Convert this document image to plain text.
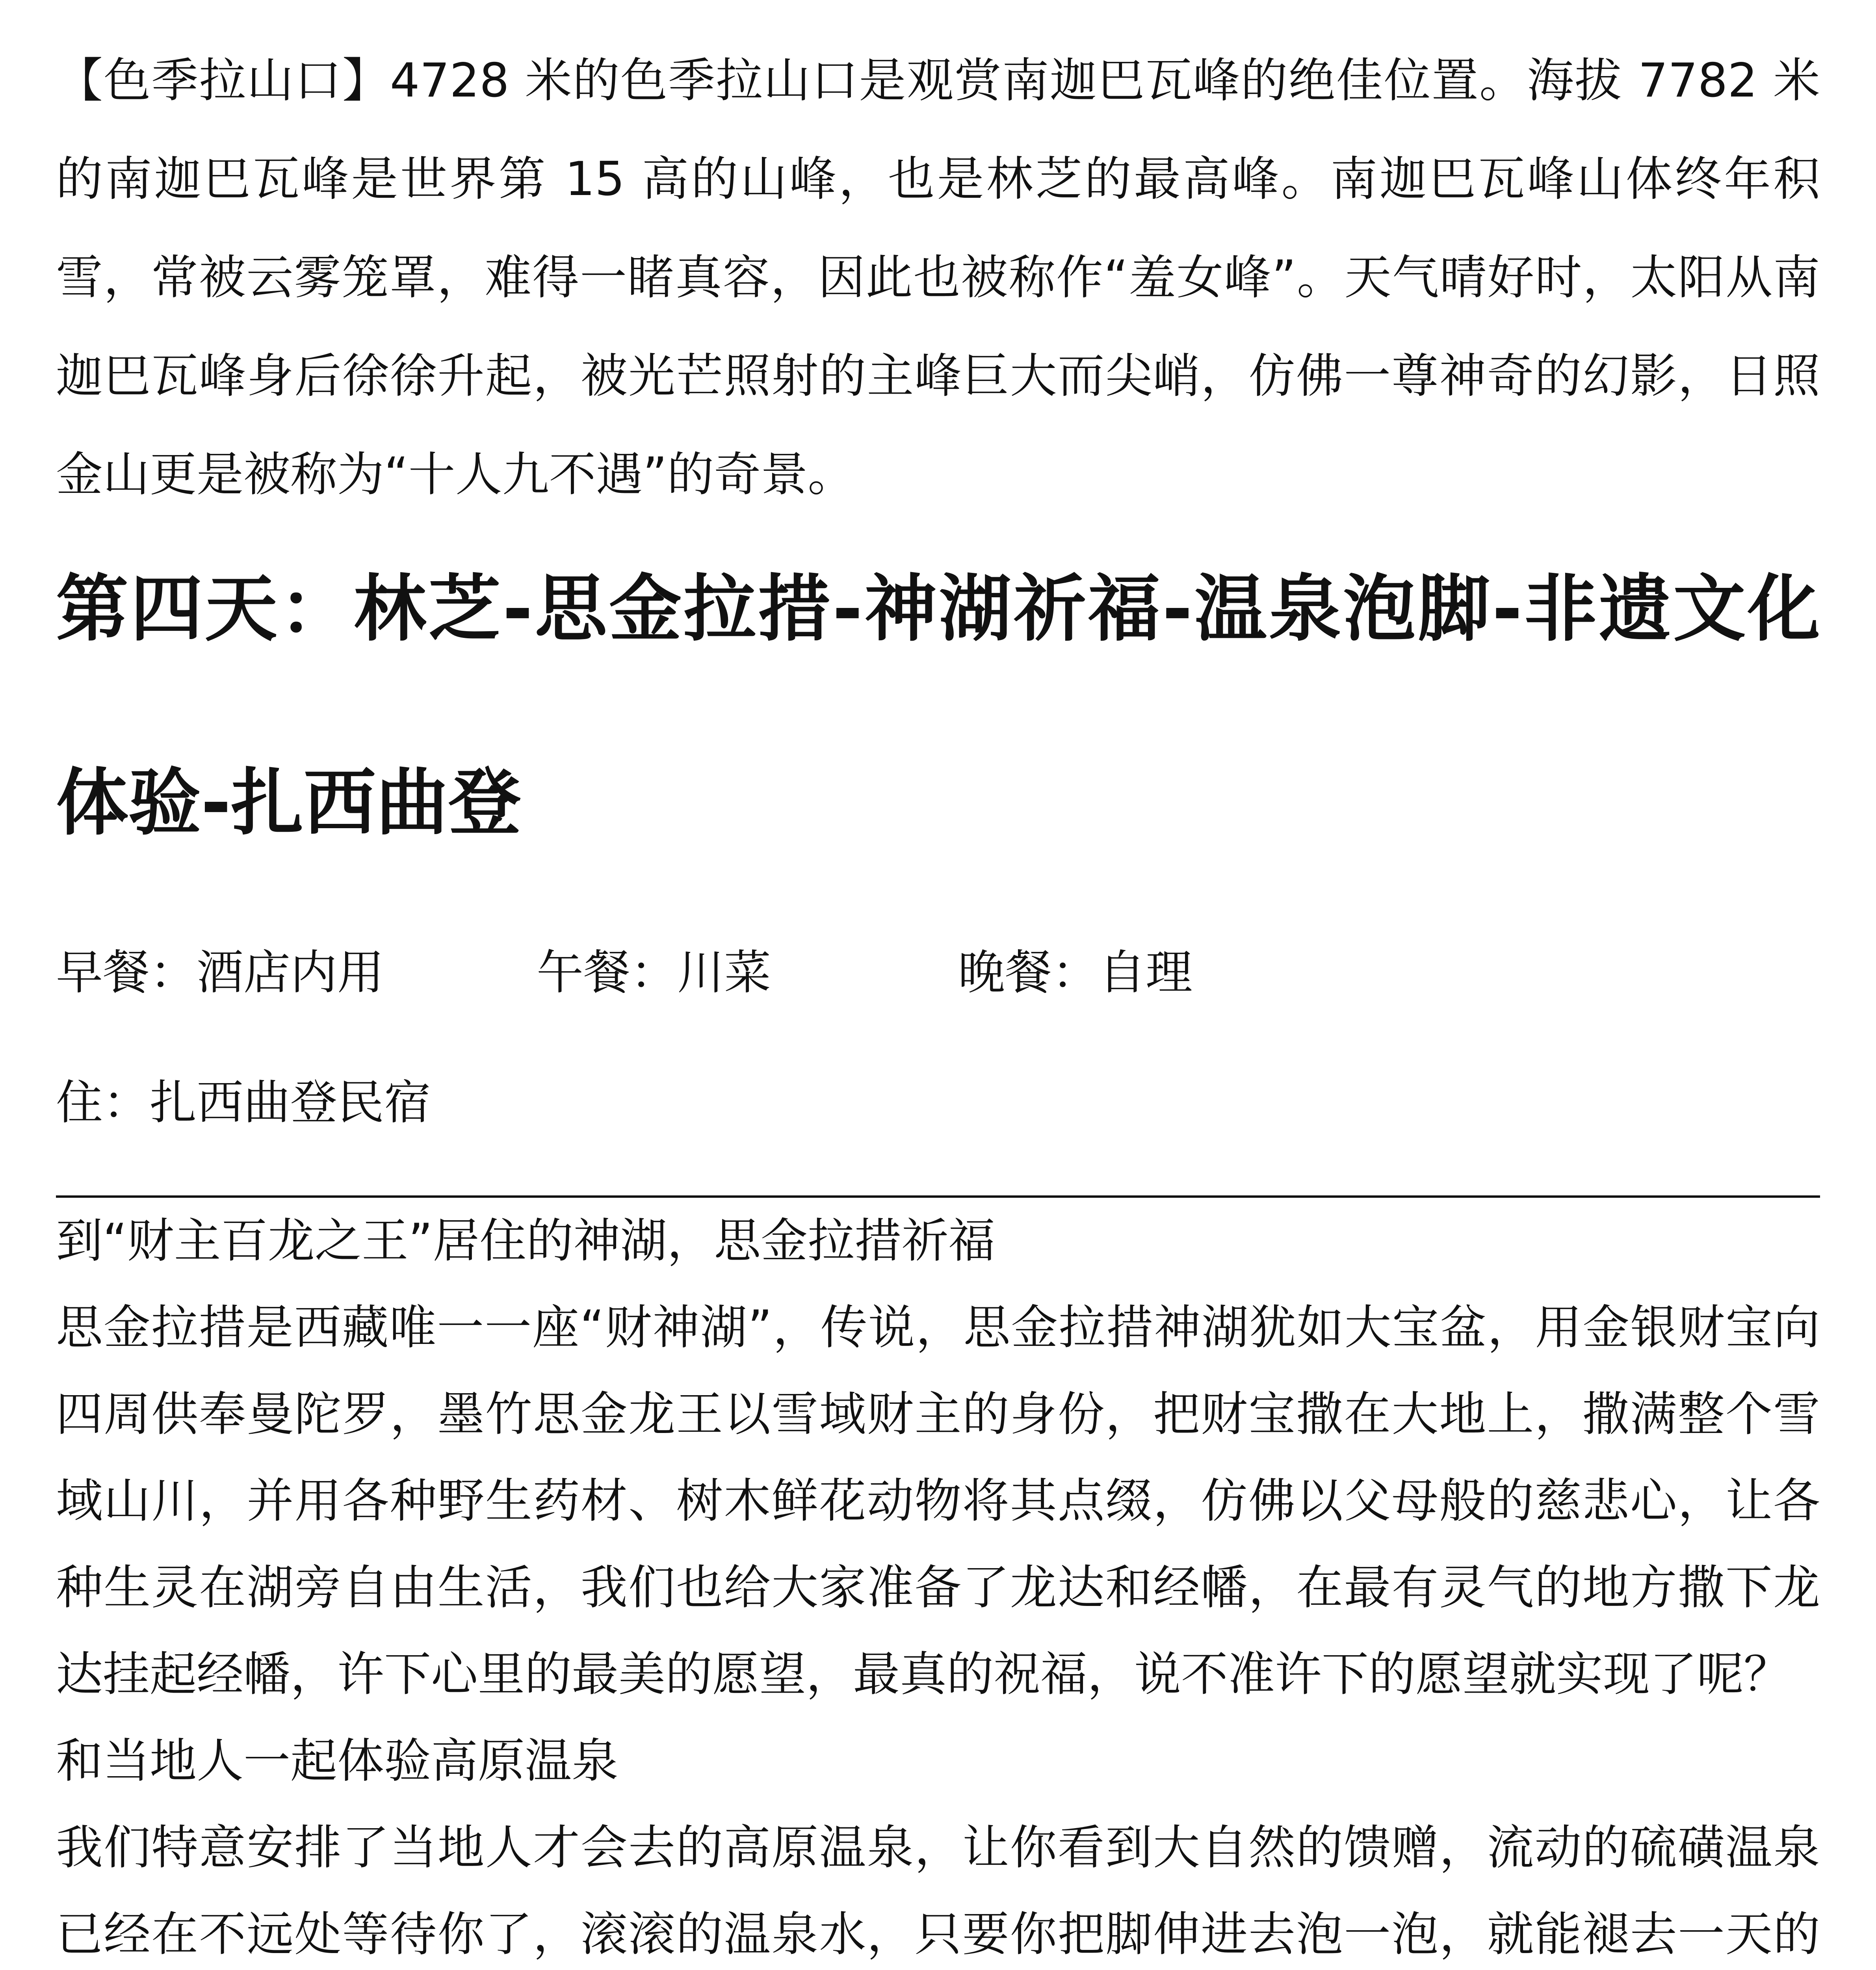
【色季拉山口】4728 米的色季拉山口是观赏南迦巴瓦峰的绝佳位置。海拔 7782 米的南迦巴瓦峰是世界第 15 高的山峰，也是林芝的最高峰。南迦巴瓦峰山体终年积雪，常被云雾笼罩，难得一睹真容，因此也被称作“羞女峰”。天气晴好时，太阳从南迦巴瓦峰身后徐徐升起，被光芒照射的主峰巨大而尖峭，仿佛一尊神奇的幻影，日照金山更是被称为“十人九不遇”的奇景。

第四天：林芝-思金拉措-神湖祈福-温泉泡脚-非遗文化体验-扎西曲登
早餐：酒店内用	午餐：川菜	晚餐：自理
住：扎西曲登民宿

到“财主百龙之王”居住的神湖，思金拉措祈福

思金拉措是西藏唯一一座“财神湖”，传说，思金拉措神湖犹如大宝盆，用金银财宝向四周供奉曼陀罗，墨竹思金龙王以雪域财主的身份，把财宝撒在大地上，撒满整个雪域山川，并用各种野生药材、树木鲜花动物将其点缀，仿佛以父母般的慈悲心，让各种生灵在湖旁自由生活，我们也给大家准备了龙达和经幡，在最有灵气的地方撒下龙达挂起经幡，许下心里的最美的愿望，最真的祝福，说不准许下的愿望就实现了呢？

和当地人一起体验高原温泉

我们特意安排了当地人才会去的高原温泉，让你看到大自然的馈赠，流动的硫磺温泉已经在不远处等待你了，滚滚的温泉水，只要你把脚伸进去泡一泡，就能褪去一天的
